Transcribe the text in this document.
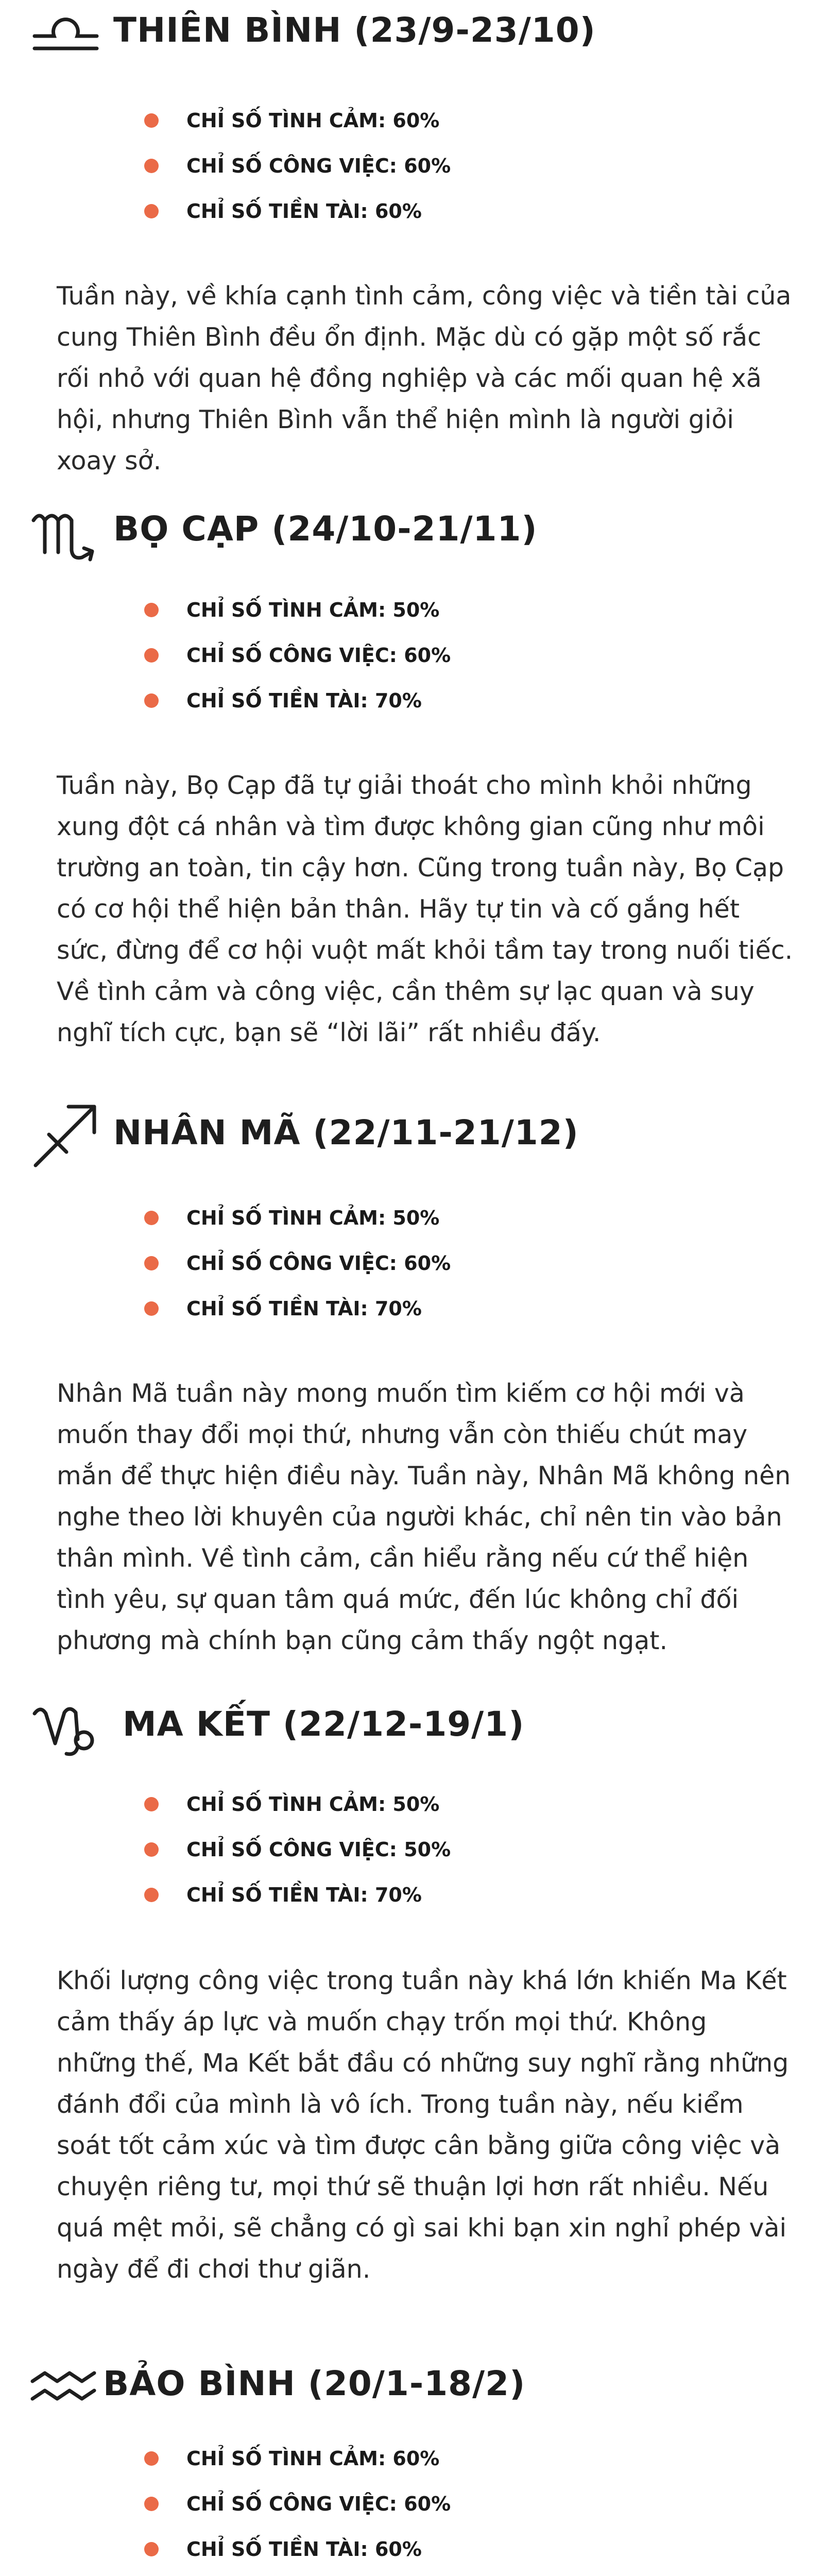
THIÊN BÌNH (23/9-23/10)
CHỈ SỐ TÌNH CẢM: 60%
CHỈ SỐ CÔNG VIỆC: 60%
CHỈ SỐ TIỀN TÀI: 60%

Tuần này, về khía cạnh tình cảm, công việc và tiền tài của cung Thiên Bình đều ổn định. Mặc dù có gặp một số rắc rối nhỏ với quan hệ đồng nghiệp và các mối quan hệ xã hội, nhưng Thiên Bình vẫn thể hiện mình là người giỏi xoay sở.

BỌ CẠP (24/10-21/11)
CHỈ SỐ TÌNH CẢM: 50%
CHỈ SỐ CÔNG VIỆC: 60%
CHỈ SỐ TIỀN TÀI: 70%

Tuần này, Bọ Cạp đã tự giải thoát cho mình khỏi những xung đột cá nhân và tìm được không gian cũng như môi trường an toàn, tin cậy hơn. Cũng trong tuần này, Bọ Cạp có cơ hội thể hiện bản thân. Hãy tự tin và cố gắng hết sức, đừng để cơ hội vuột mất khỏi tầm tay trong nuối tiếc. Về tình cảm và công việc, cần thêm sự lạc quan và suy nghĩ tích cực, bạn sẽ “lời lãi” rất nhiều đấy.

NHÂN MÃ (22/11-21/12)
CHỈ SỐ TÌNH CẢM: 50%
CHỈ SỐ CÔNG VIỆC: 60%
CHỈ SỐ TIỀN TÀI: 70%

Nhân Mã tuần này mong muốn tìm kiếm cơ hội mới và muốn thay đổi mọi thứ, nhưng vẫn còn thiếu chút may mắn để thực hiện điều này. Tuần này, Nhân Mã không nên nghe theo lời khuyên của người khác, chỉ nên tin vào bản thân mình. Về tình cảm, cần hiểu rằng nếu cứ thể hiện tình yêu, sự quan tâm quá mức, đến lúc không chỉ đối phương mà chính bạn cũng cảm thấy ngột ngạt.

MA KẾT (22/12-19/1)
CHỈ SỐ TÌNH CẢM: 50%
CHỈ SỐ CÔNG VIỆC: 50%
CHỈ SỐ TIỀN TÀI: 70%

Khối lượng công việc trong tuần này khá lớn khiến Ma Kết cảm thấy áp lực và muốn chạy trốn mọi thứ. Không những thế, Ma Kết bắt đầu có những suy nghĩ rằng những đánh đổi của mình là vô ích. Trong tuần này, nếu kiểm soát tốt cảm xúc và tìm được cân bằng giữa công việc và chuyện riêng tư, mọi thứ sẽ thuận lợi hơn rất nhiều. Nếu quá mệt mỏi, sẽ chẳng có gì sai khi bạn xin nghỉ phép vài ngày để đi chơi thư giãn.

BẢO BÌNH (20/1-18/2)
CHỈ SỐ TÌNH CẢM: 60%
CHỈ SỐ CÔNG VIỆC: 60%
CHỈ SỐ TIỀN TÀI: 60%
